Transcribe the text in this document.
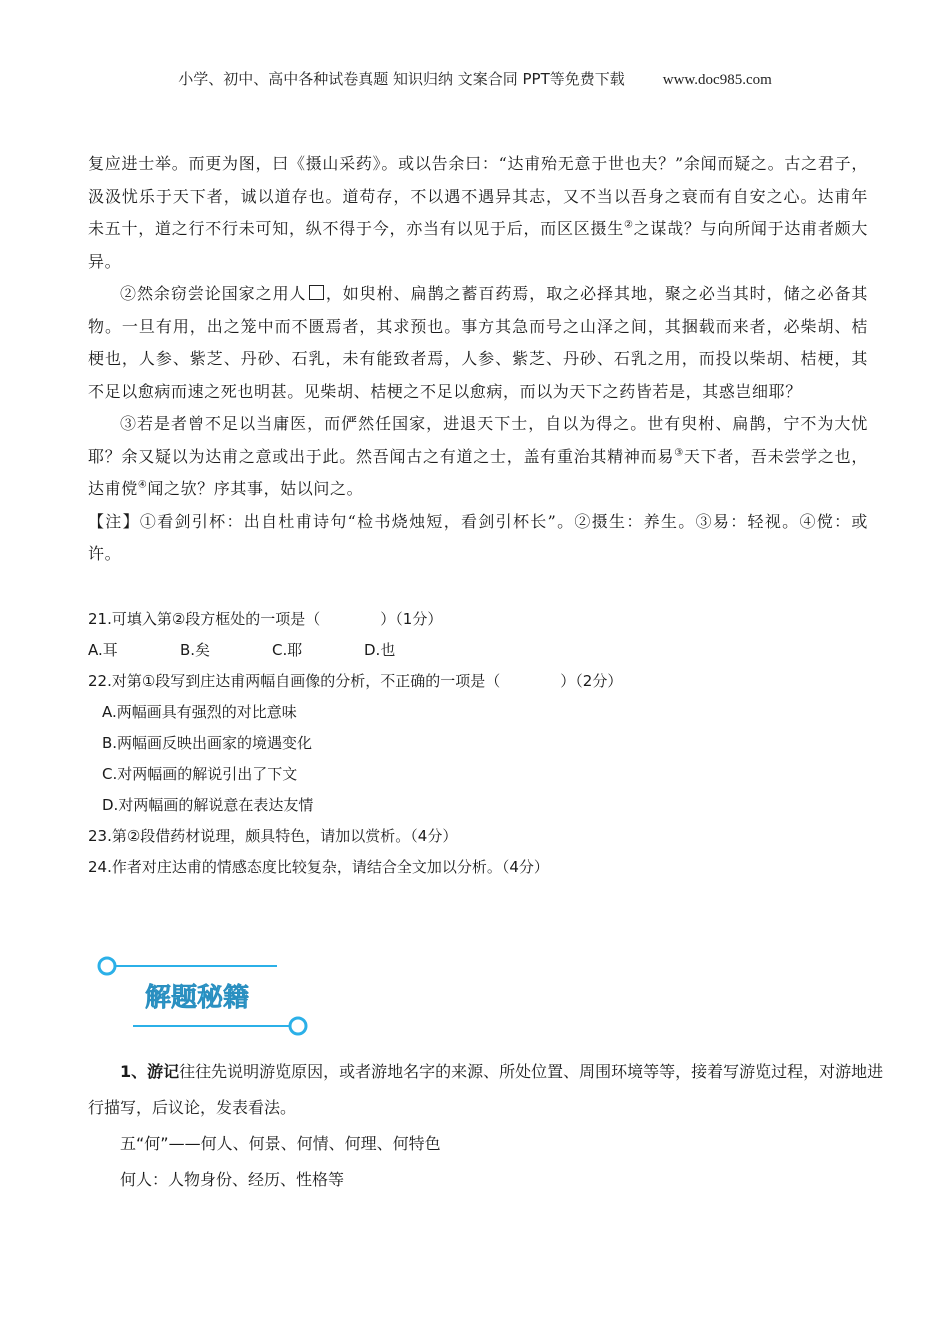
小学、初中、高中各种试卷真题 知识归纳 文案合同 PPT等免费下载	www.doc985.com

复应进士举。而更为图，曰《摄山采药》。或以告余曰：“达甫殆无意于世也夫？”余闻而疑之。古之君子，汲汲忧乐于天下者，诚以道存也。道苟存，不以遇不遇异其志，又不当以吾身之衰而有自安之心。达甫年未五十，道之行不行未可知，纵不得于今，亦当有以见于后，而区区摄生②之谋哉？与向所闻于达甫者颇大异。

②然余窃尝论国家之用人 ，如臾柎、扁鹊之蓄百药焉，取之必择其地，聚之必当其时，储之必备其物。一旦有用，出之笼中而不匮焉者，其求预也。事方其急而号之山泽之间，其捆载而来者，必柴胡、桔梗也，人参、紫芝、丹砂、石乳，未有能致者焉，人参、紫芝、丹砂、石乳之用，而投以柴胡、桔梗，其不足以愈病而速之死也明甚。见柴胡、桔梗之不足以愈病，而以为天下之药皆若是，其惑岂细耶？

③若是者曾不足以当庸医，而俨然任国家，进退天下士，自以为得之。世有臾柎、扁鹊，宁不为大忧耶？余又疑以为达甫之意或出于此。然吾闻古之有道之士，盖有重治其精神而易③天下者，吾未尝学之也，达甫傥④闻之欤？序其事，姑以问之。

【注】①看剑引杯：出自杜甫诗句“检书烧烛短，看剑引杯长”。②摄生：养生。③易：轻视。④傥：或许。

21.可填入第②段方框处的一项是（　　　　）（1分）

A.耳	B.矣	C.耶	D.也

22.对第①段写到庄达甫两幅自画像的分析，不正确的一项是（　　　　）（2分）

A.两幅画具有强烈的对比意味

B.两幅画反映出画家的境遇变化

C.对两幅画的解说引出了下文

D.对两幅画的解说意在表达友情

23.第②段借药材说理，颇具特色，请加以赏析。（4分）

24.作者对庄达甫的情感态度比较复杂，请结合全文加以分析。（4分）

解题秘籍

1、游记往往先说明游览原因，或者游地名字的来源、所处位置、周围环境等等，接着写游览过程，对游地进行描写，后议论，发表看法。

五“何”——何人、何景、何情、何理、何特色

何人：人物身份、经历、性格等
